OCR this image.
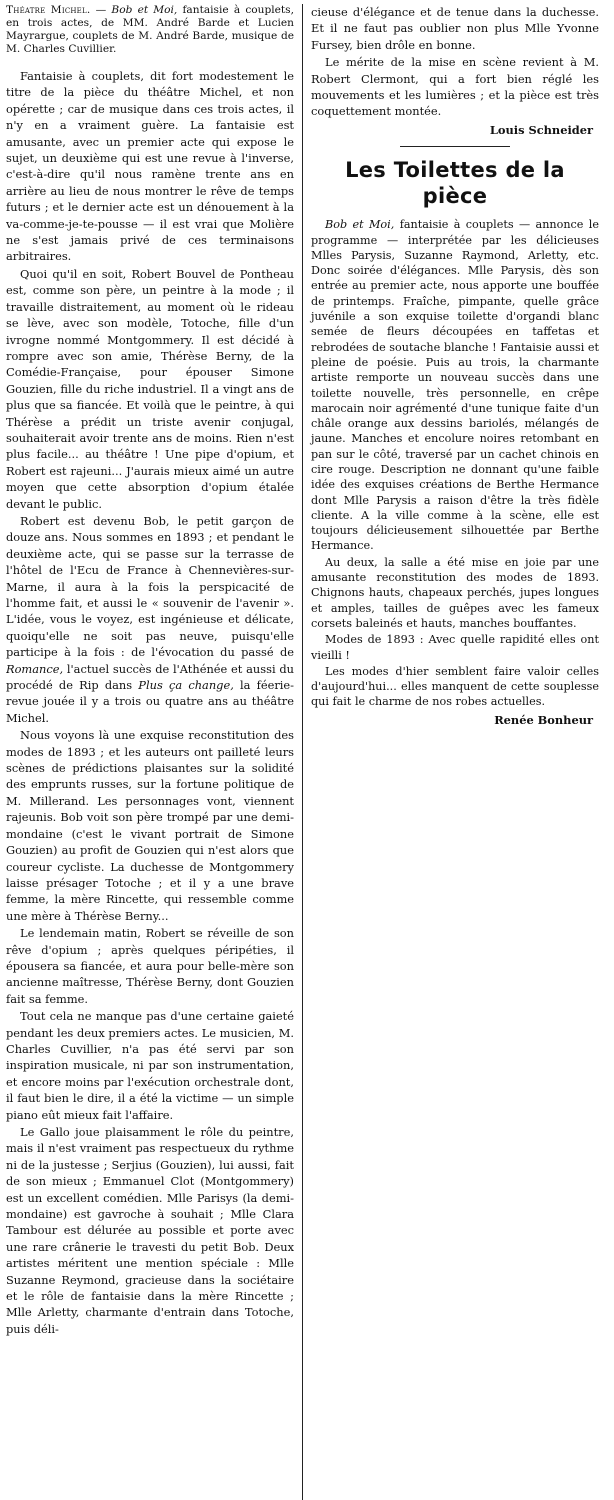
Théatre Michel. — Bob et Moi, fantaisie à couplets, en trois actes, de MM. André Barde et Lucien Mayrargue, couplets de M. André Barde, musique de M. Charles Cuvillier.

Fantaisie à couplets, dit fort modestement le titre de la pièce du théâtre Michel, et non opérette ; car de musique dans ces trois actes, il n'y en a vraiment guère. La fantaisie est amusante, avec un premier acte qui expose le sujet, un deuxième qui est une revue à l'inverse, c'est-à-dire qu'il nous ramène trente ans en arrière au lieu de nous montrer le rêve de temps futurs ; et le dernier acte est un dénouement à la va-comme-je-te-pousse — il est vrai que Molière ne s'est jamais privé de ces terminaisons arbitraires.

Quoi qu'il en soit, Robert Bouvel de Pontheau est, comme son père, un peintre à la mode ; il travaille distraitement, au moment où le rideau se lève, avec son modèle, Totoche, fille d'un ivrogne nommé Montgommery. Il est décidé à rompre avec son amie, Thérèse Berny, de la Comédie-Française, pour épouser Simone Gouzien, fille du riche industriel. Il a vingt ans de plus que sa fiancée. Et voilà que le peintre, à qui Thérèse a prédit un triste avenir conjugal, souhaiterait avoir trente ans de moins. Rien n'est plus facile... au théâtre ! Une pipe d'opium, et Robert est rajeuni... J'aurais mieux aimé un autre moyen que cette absorption d'opium étalée devant le public.

Robert est devenu Bob, le petit garçon de douze ans. Nous sommes en 1893 ; et pendant le deuxième acte, qui se passe sur la terrasse de l'hôtel de l'Ecu de France à Chennevières-sur-Marne, il aura à la fois la perspicacité de l'homme fait, et aussi le « souvenir de l'avenir ». L'idée, vous le voyez, est ingénieuse et délicate, quoiqu'elle ne soit pas neuve, puisqu'elle participe à la fois : de l'évocation du passé de Romance, l'actuel succès de l'Athénée et aussi du procédé de Rip dans Plus ça change, la féerie-revue jouée il y a trois ou quatre ans au théâtre Michel.

Nous voyons là une exquise reconstitution des modes de 1893 ; et les auteurs ont pailleté leurs scènes de prédictions plaisantes sur la solidité des emprunts russes, sur la fortune politique de M. Millerand. Les personnages vont, viennent rajeunis. Bob voit son père trompé par une demi-mondaine (c'est le vivant portrait de Simone Gouzien) au profit de Gouzien qui n'est alors que coureur cycliste. La duchesse de Montgommery laisse présager Totoche ; et il y a une brave femme, la mère Rincette, qui ressemble comme une mère à Thérèse Berny...

Le lendemain matin, Robert se réveille de son rêve d'opium ; après quelques péripéties, il épousera sa fiancée, et aura pour belle-mère son ancienne maîtresse, Thérèse Berny, dont Gouzien fait sa femme.

Tout cela ne manque pas d'une certaine gaieté pendant les deux premiers actes. Le musicien, M. Charles Cuvillier, n'a pas été servi par son inspiration musicale, ni par son instrumentation, et encore moins par l'exécution orchestrale dont, il faut bien le dire, il a été la victime — un simple piano eût mieux fait l'affaire.

Le Gallo joue plaisamment le rôle du peintre, mais il n'est vraiment pas respectueux du rythme ni de la justesse ; Serjius (Gouzien), lui aussi, fait de son mieux ; Emmanuel Clot (Montgommery) est un excellent comédien. Mlle Parisys (la demi-mondaine) est gavroche à souhait ; Mlle Clara Tambour est délurée au possible et porte avec une rare crânerie le travesti du petit Bob. Deux artistes méritent une mention spéciale : Mlle Suzanne Reymond, gracieuse dans la sociétaire et le rôle de fantaisie dans la mère Rincette ; Mlle Arletty, charmante d'entrain dans Totoche, puis déli-

cieuse d'élégance et de tenue dans la duchesse. Et il ne faut pas oublier non plus Mlle Yvonne Fursey, bien drôle en bonne.

Le mérite de la mise en scène revient à M. Robert Clermont, qui a fort bien réglé les mouvements et les lumières ; et la pièce est très coquettement montée.

Louis Schneider

Les Toilettes de la pièce

Bob et Moi, fantaisie à couplets — annonce le programme — interprétée par les délicieuses Mlles Parysis, Suzanne Raymond, Arletty, etc. Donc soirée d'élégances. Mlle Parysis, dès son entrée au premier acte, nous apporte une bouffée de printemps. Fraîche, pimpante, quelle grâce juvénile a son exquise toilette d'organdi blanc semée de fleurs découpées en taffetas et rebrodées de soutache blanche ! Fantaisie aussi et pleine de poésie. Puis au trois, la charmante artiste remporte un nouveau succès dans une toilette nouvelle, très personnelle, en crêpe marocain noir agrémenté d'une tunique faite d'un châle orange aux dessins bariolés, mélangés de jaune. Manches et encolure noires retombant en pan sur le côté, traversé par un cachet chinois en cire rouge. Description ne donnant qu'une faible idée des exquises créations de Berthe Hermance dont Mlle Parysis a raison d'être la très fidèle cliente. A la ville comme à la scène, elle est toujours délicieusement silhouettée par Berthe Hermance.

Au deux, la salle a été mise en joie par une amusante reconstitution des modes de 1893. Chignons hauts, chapeaux perchés, jupes longues et amples, tailles de guêpes avec les fameux corsets baleinés et hauts, manches bouffantes.

Modes de 1893 : Avec quelle rapidité elles ont vieilli !

Les modes d'hier semblent faire valoir celles d'aujourd'hui... elles manquent de cette souplesse qui fait le charme de nos robes actuelles.

Renée Bonheur
